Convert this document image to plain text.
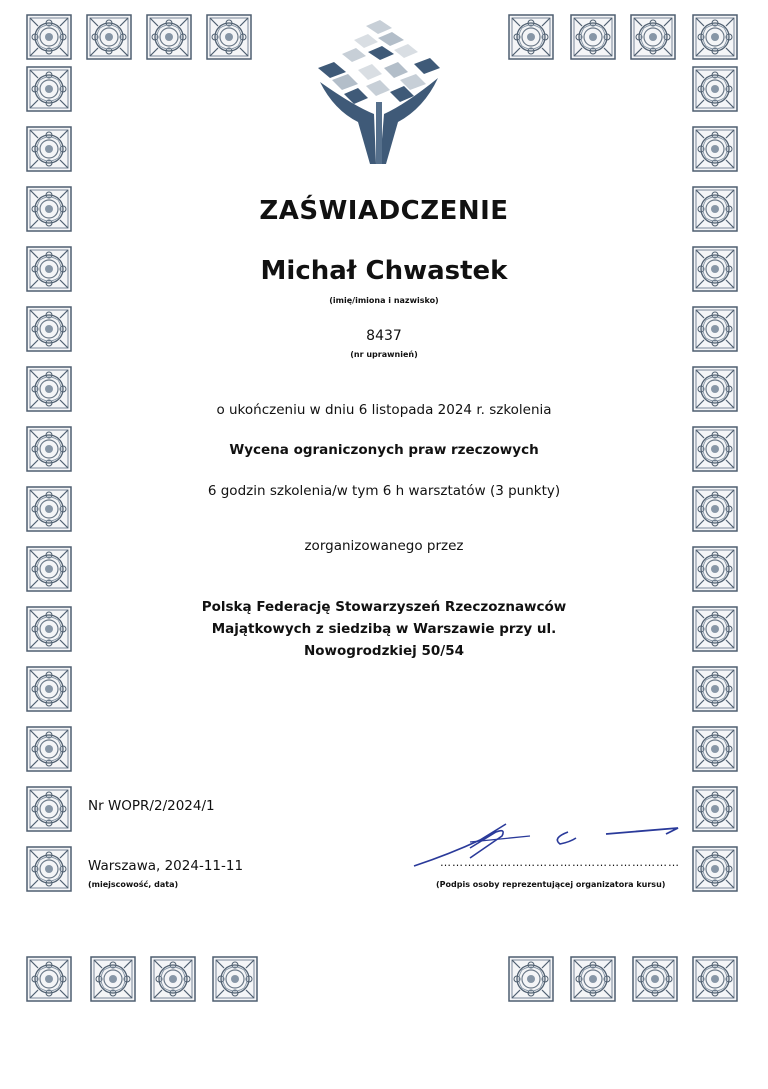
ZAŚWIADCZENIE
Michał Chwastek
(imię/imiona i nazwisko)
8437
(nr uprawnień)
o ukończeniu w dniu 6 listopada 2024 r. szkolenia
Wycena ograniczonych praw rzeczowych
6 godzin szkolenia/w tym 6 h warsztatów (3 punkty)
zorganizowanego przez
Polską Federację Stowarzyszeń Rzeczoznawców
Majątkowych z siedzibą w Warszawie przy ul.
Nowogrodzkiej 50/54
Nr WOPR/2/2024/1
Warszawa, 2024-11-11
(miejscowość, data)
……………………………………………………
(Podpis osoby reprezentującej organizatora kursu)
